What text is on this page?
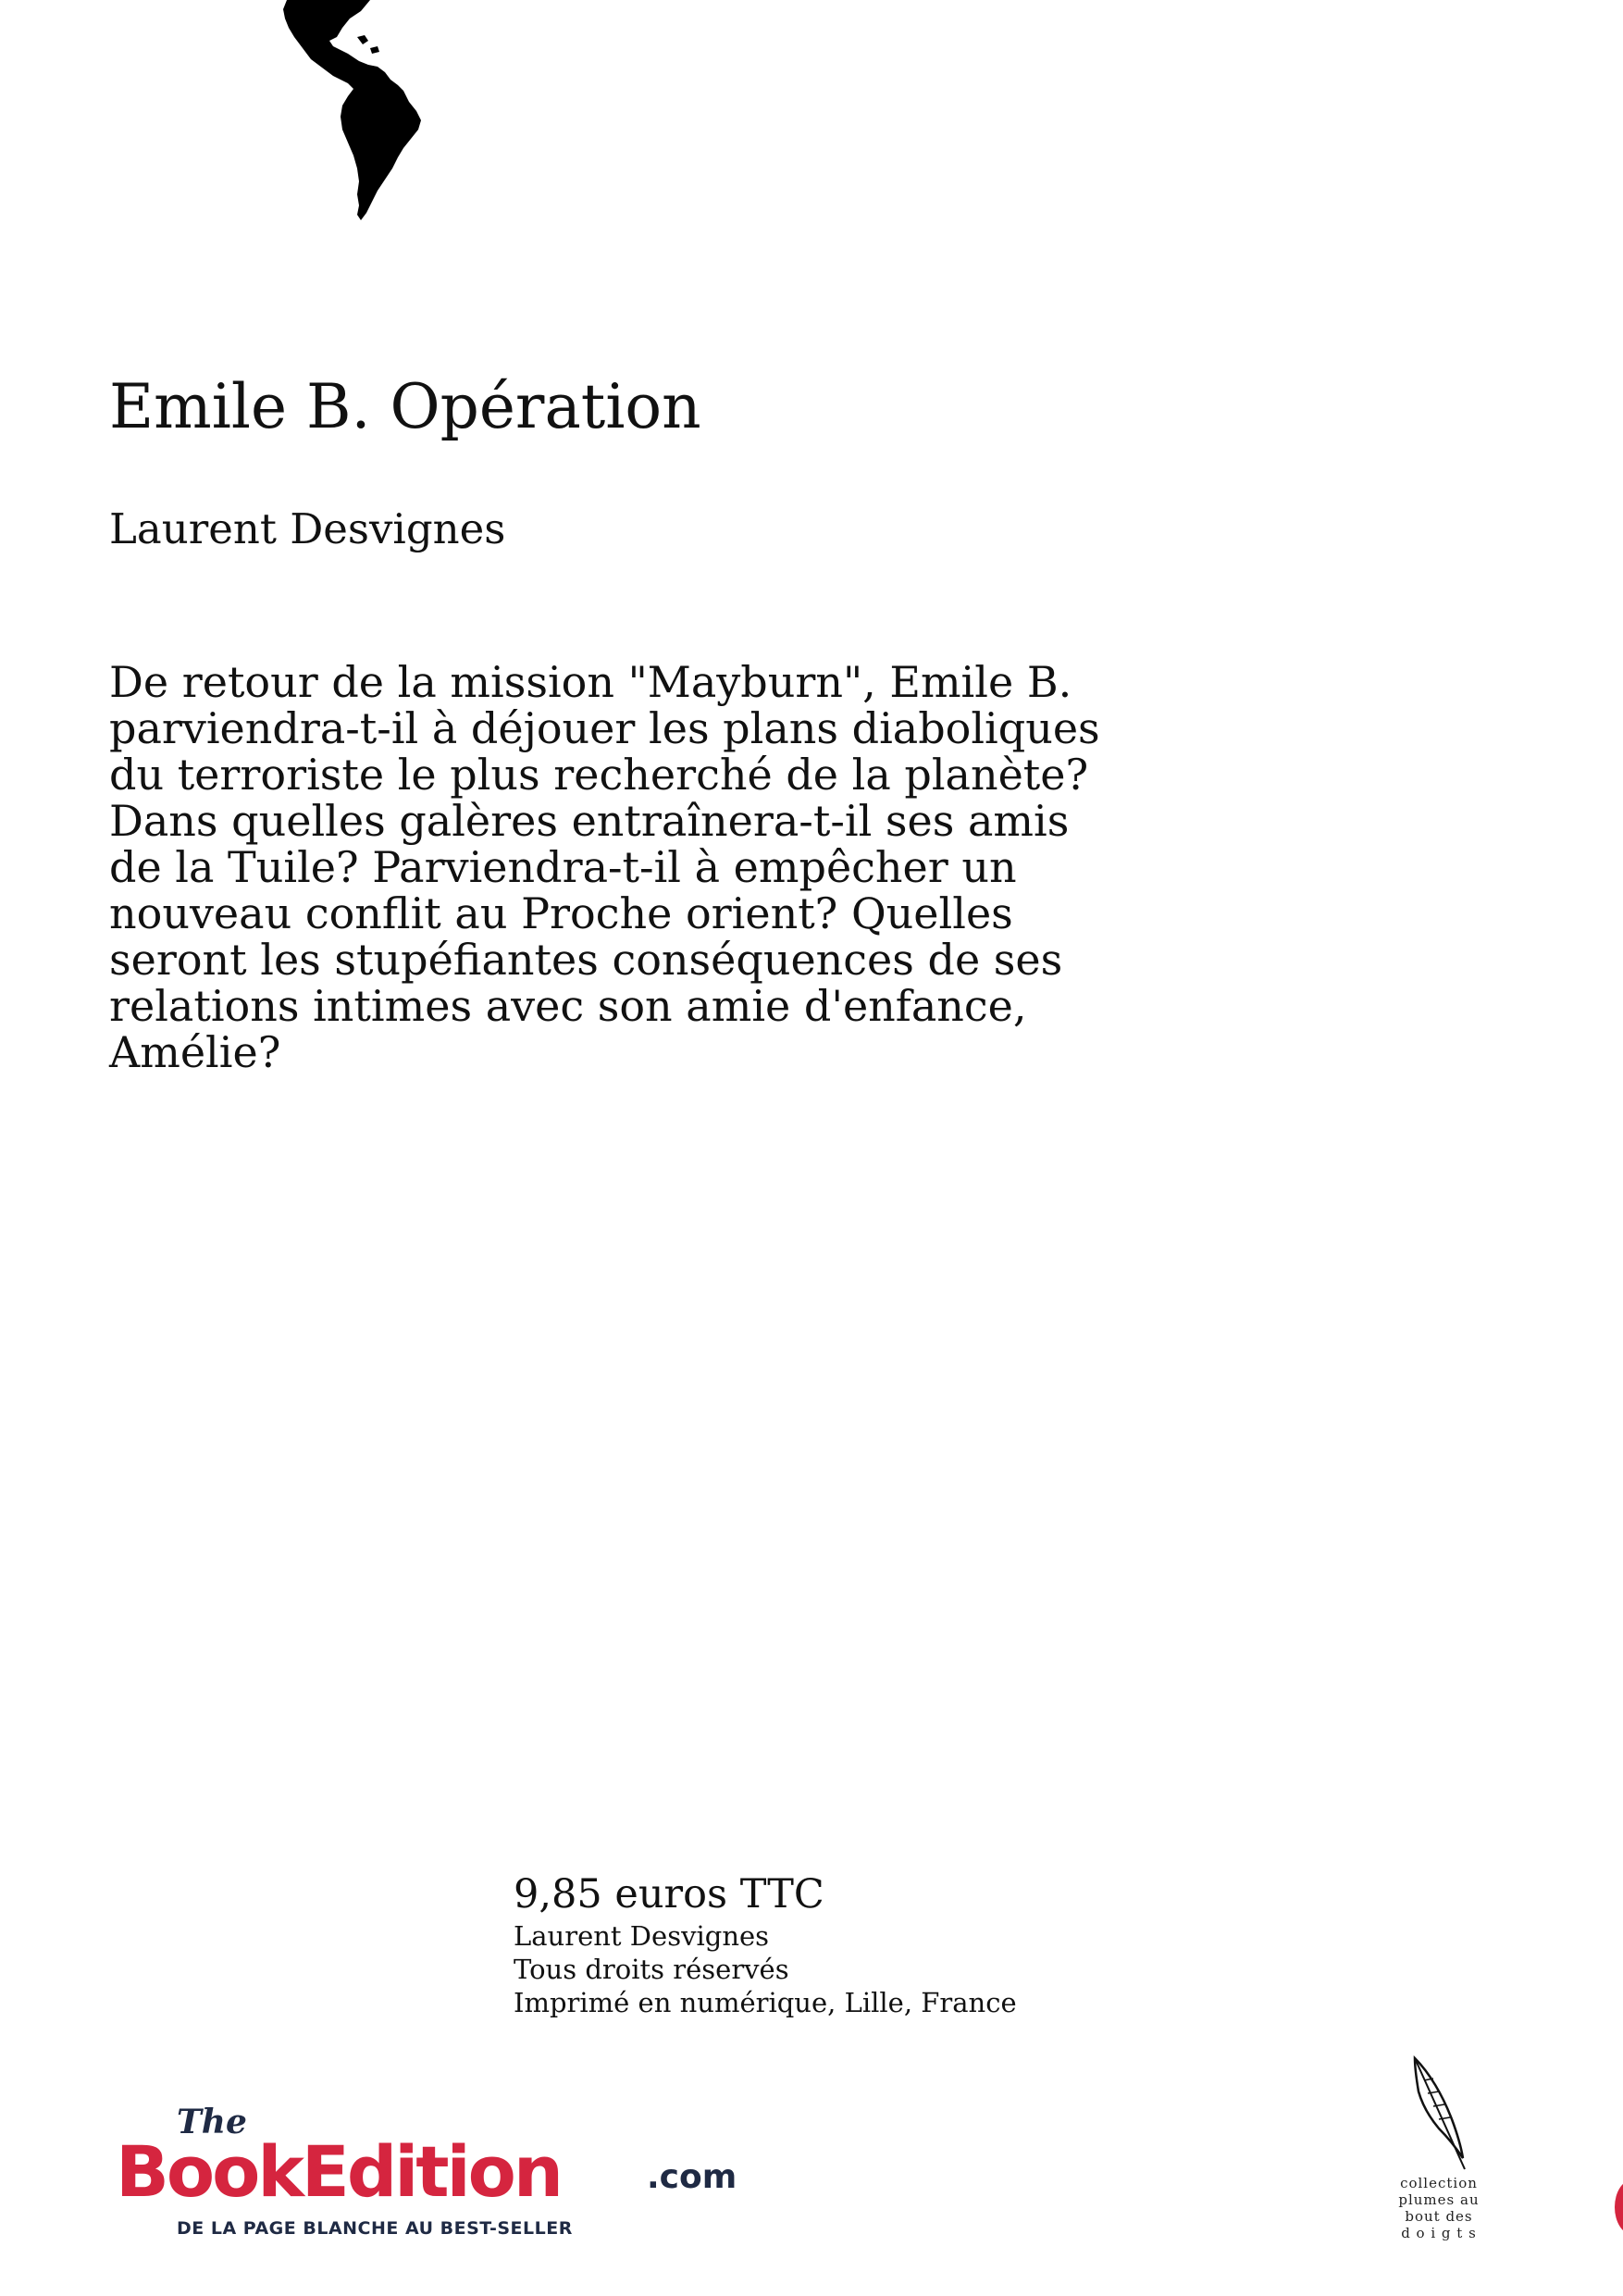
Emile B. Opération

Laurent Desvignes

De retour de la mission "Mayburn", Emile B.
parviendra-t-il à déjouer les plans diaboliques
du terroriste le plus recherché de la planète?
Dans quelles galères entraînera-t-il ses amis
de la Tuile? Parviendra-t-il à empêcher un
nouveau conflit au Proche orient? Quelles
seront les stupéfiantes conséquences de ses
relations intimes avec son amie d'enfance,
Amélie?

9,85 euros TTC
Laurent Desvignes
Tous droits réservés
Imprimé en numérique, Lille, France
The
BookEdition	.com
DE LA PAGE BLANCHE AU BEST-SELLER
collection
plumes au
bout des
d o i g t s
